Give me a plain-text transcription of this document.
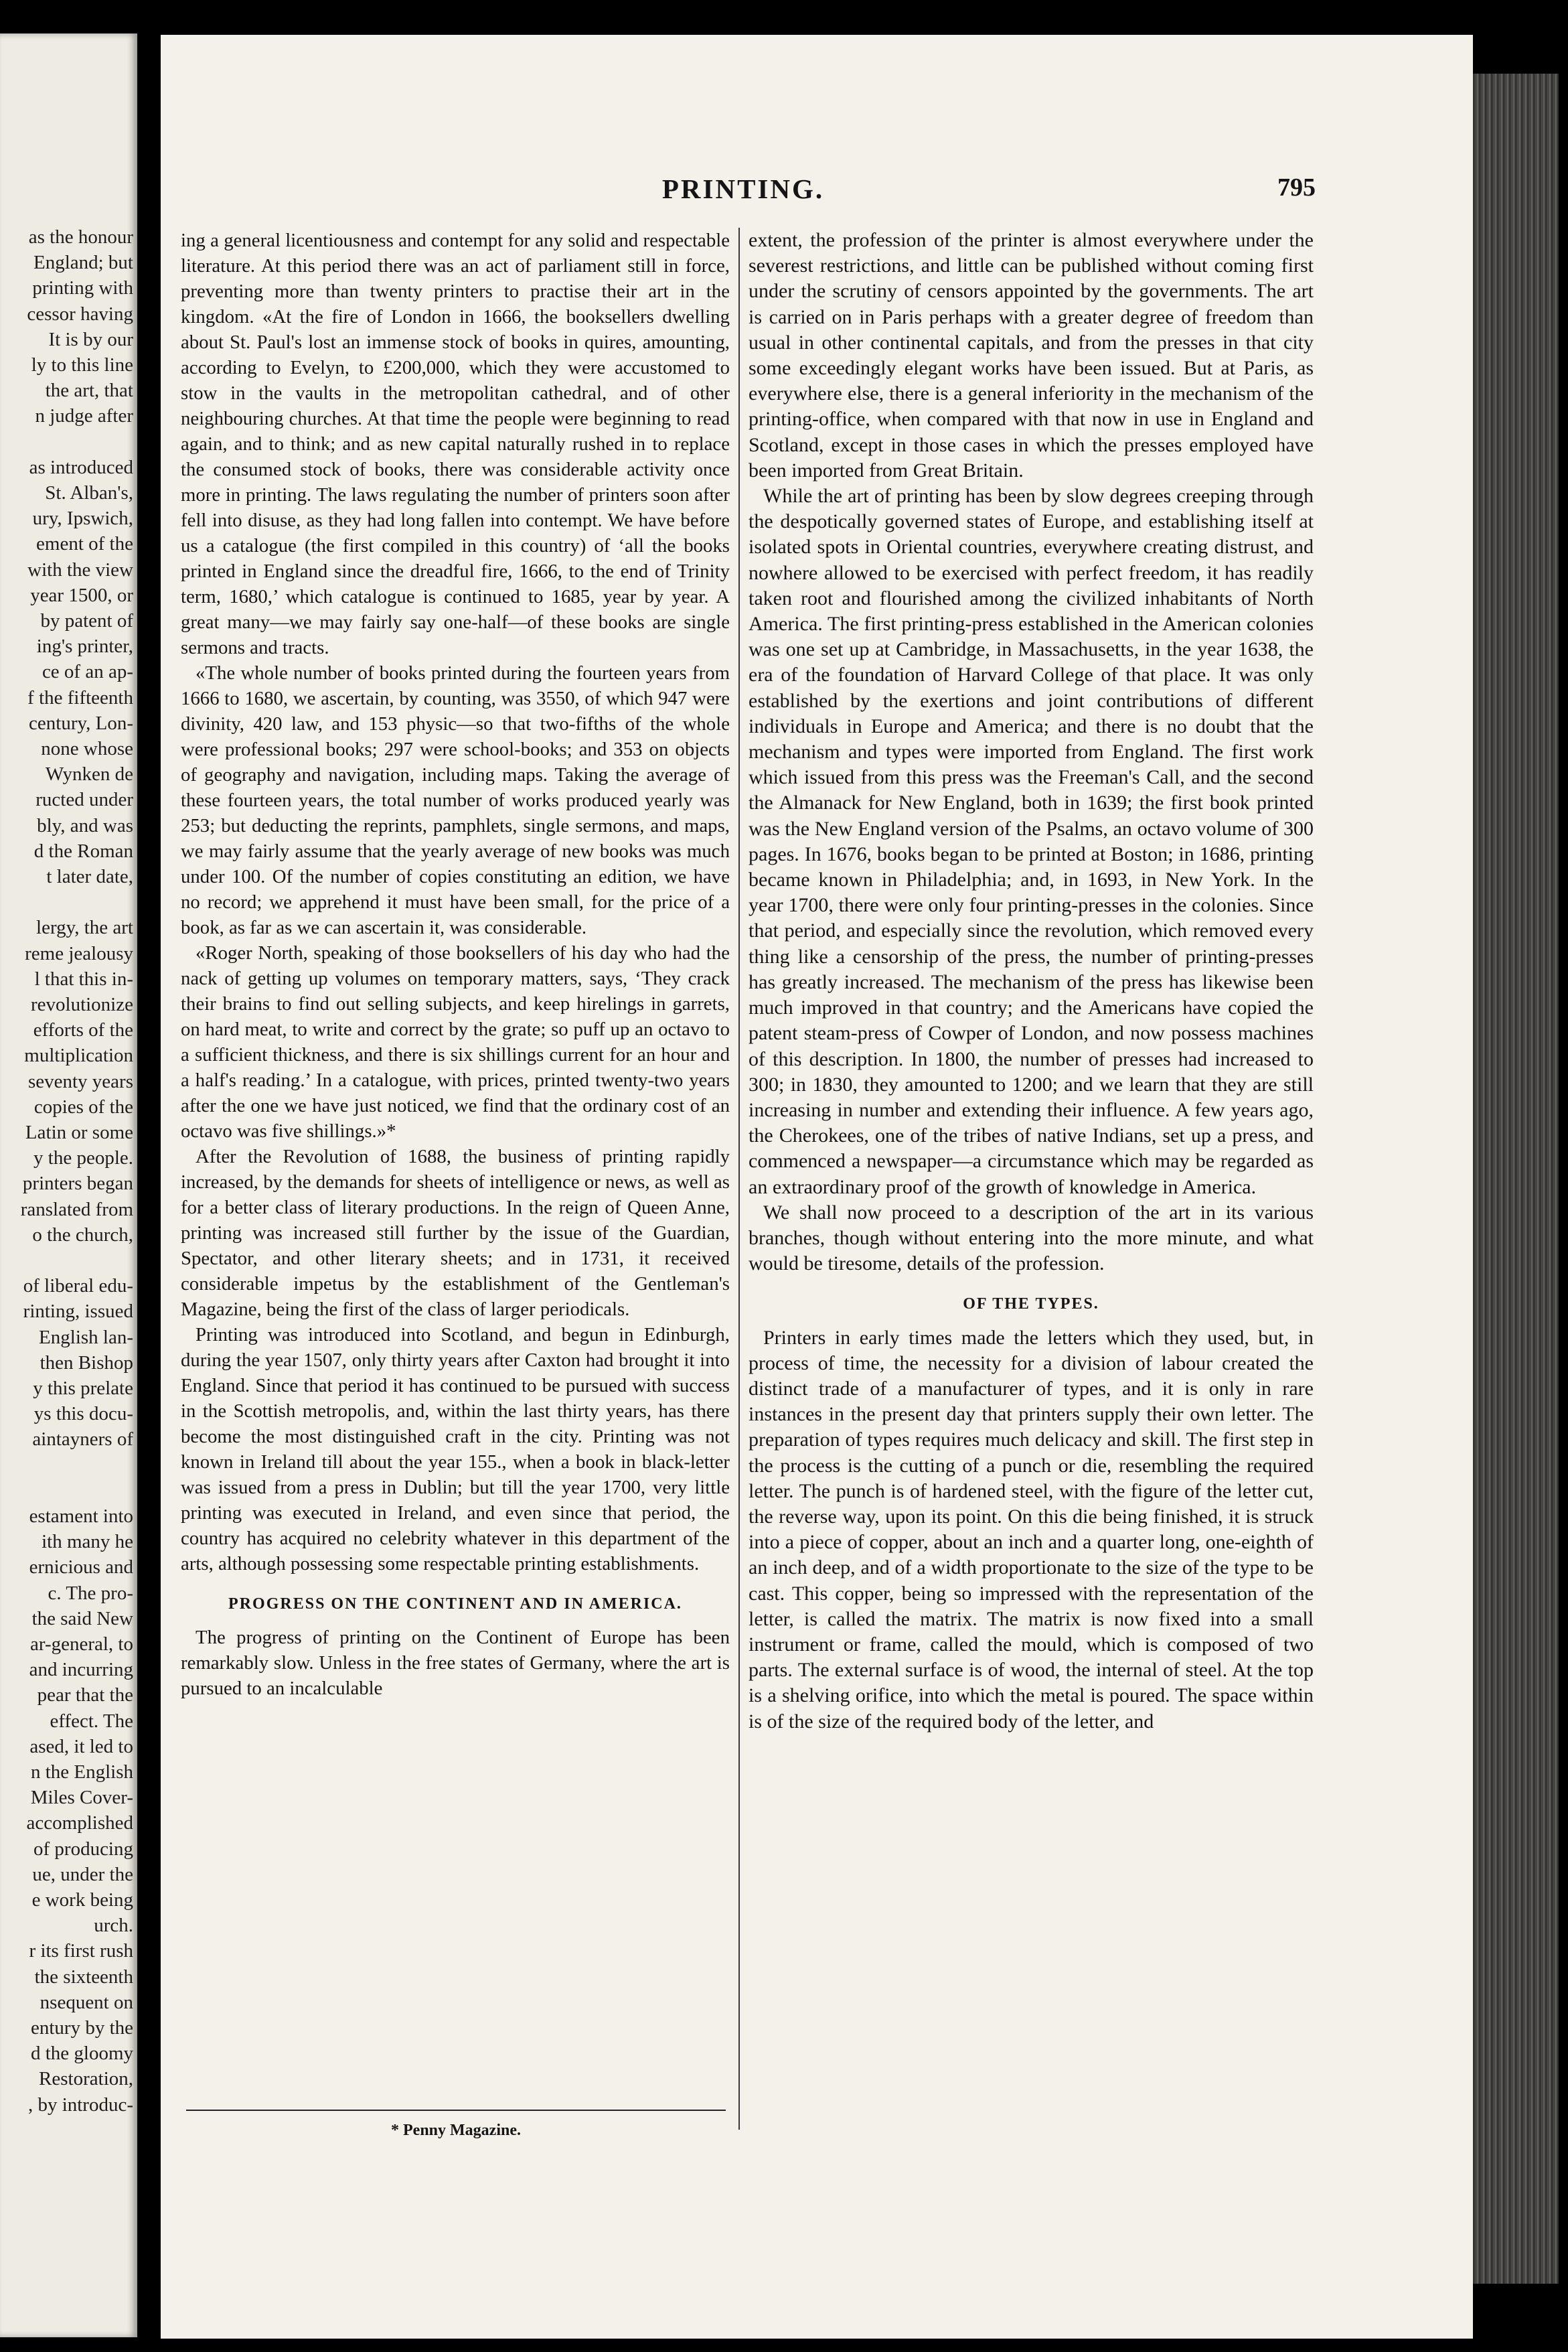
as the honour
England; but
printing with
cessor having
It is by our
ly to this line
the art, that
n judge after
as introduced
St. Alban's,
ury, Ipswich,
ement of the
with the view
year 1500, or
by patent of
ing's printer,
ce of an ap-
f the fifteenth
century, Lon-
none whose
Wynken de
ructed under
bly, and was
d the Roman
t later date,
lergy, the art
reme jealousy
l that this in-
revolutionize
efforts of the
multiplication
seventy years
copies of the
Latin or some
y the people.
printers began
ranslated from
o the church,
of liberal edu-
rinting, issued
English lan-
then Bishop
y this prelate
ys this docu-
aintayners of
estament into
ith many he
ernicious and
c. The pro-
the said New
ar-general, to
and incurring
pear that the
effect. The
ased, it led to
n the English
Miles Cover-
accomplished
of producing
ue, under the
e work being
urch.
r its first rush
the sixteenth
nsequent on
entury by the
d the gloomy
Restoration,
, by introduc-
PRINTING.	795

ing a general licentiousness and contempt for any solid and respectable literature. At this period there was an act of parliament still in force, preventing more than twenty printers to practise their art in the kingdom. «At the fire of London in 1666, the booksellers dwelling about St. Paul's lost an immense stock of books in quires, amounting, according to Evelyn, to £200,000, which they were accustomed to stow in the vaults in the metropolitan cathedral, and of other neighbouring churches. At that time the people were beginning to read again, and to think; and as new capital naturally rushed in to replace the consumed stock of books, there was considerable activity once more in printing. The laws regulating the number of printers soon after fell into disuse, as they had long fallen into contempt. We have before us a catalogue (the first compiled in this country) of ‘all the books printed in England since the dreadful fire, 1666, to the end of Trinity term, 1680,’ which catalogue is continued to 1685, year by year. A great many—we may fairly say one-half—of these books are single sermons and tracts.

«The whole number of books printed during the fourteen years from 1666 to 1680, we ascertain, by counting, was 3550, of which 947 were divinity, 420 law, and 153 physic—so that two-fifths of the whole were professional books; 297 were school-books; and 353 on objects of geography and navigation, including maps. Taking the average of these fourteen years, the total number of works produced yearly was 253; but deducting the reprints, pamphlets, single sermons, and maps, we may fairly assume that the yearly average of new books was much under 100. Of the number of copies constituting an edition, we have no record; we apprehend it must have been small, for the price of a book, as far as we can ascertain it, was considerable.

«Roger North, speaking of those booksellers of his day who had the nack of getting up volumes on temporary matters, says, ‘They crack their brains to find out selling subjects, and keep hirelings in garrets, on hard meat, to write and correct by the grate; so puff up an octavo to a sufficient thickness, and there is six shillings current for an hour and a half's reading.’ In a catalogue, with prices, printed twenty-two years after the one we have just noticed, we find that the ordinary cost of an octavo was five shillings.»*

After the Revolution of 1688, the business of printing rapidly increased, by the demands for sheets of intelligence or news, as well as for a better class of literary productions. In the reign of Queen Anne, printing was increased still further by the issue of the Guardian, Spectator, and other literary sheets; and in 1731, it received considerable impetus by the establishment of the Gentleman's Magazine, being the first of the class of larger periodicals.

Printing was introduced into Scotland, and begun in Edinburgh, during the year 1507, only thirty years after Caxton had brought it into England. Since that period it has continued to be pursued with success in the Scottish metropolis, and, within the last thirty years, has there become the most distinguished craft in the city. Printing was not known in Ireland till about the year 155., when a book in black-letter was issued from a press in Dublin; but till the year 1700, very little printing was executed in Ireland, and even since that period, the country has acquired no celebrity whatever in this department of the arts, although possessing some respectable printing establishments.

PROGRESS ON THE CONTINENT AND IN AMERICA.

The progress of printing on the Continent of Europe has been remarkably slow. Unless in the free states of Germany, where the art is pursued to an incalculable

extent, the profession of the printer is almost everywhere under the severest restrictions, and little can be published without coming first under the scrutiny of censors appointed by the governments. The art is carried on in Paris perhaps with a greater degree of freedom than usual in other continental capitals, and from the presses in that city some exceedingly elegant works have been issued. But at Paris, as everywhere else, there is a general inferiority in the mechanism of the printing-office, when compared with that now in use in England and Scotland, except in those cases in which the presses employed have been imported from Great Britain.

While the art of printing has been by slow degrees creeping through the despotically governed states of Europe, and establishing itself at isolated spots in Oriental countries, everywhere creating distrust, and nowhere allowed to be exercised with perfect freedom, it has readily taken root and flourished among the civilized inhabitants of North America. The first printing-press established in the American colonies was one set up at Cambridge, in Massachusetts, in the year 1638, the era of the foundation of Harvard College of that place. It was only established by the exertions and joint contributions of different individuals in Europe and America; and there is no doubt that the mechanism and types were imported from England. The first work which issued from this press was the Freeman's Call, and the second the Almanack for New England, both in 1639; the first book printed was the New England version of the Psalms, an octavo volume of 300 pages. In 1676, books began to be printed at Boston; in 1686, printing became known in Philadelphia; and, in 1693, in New York. In the year 1700, there were only four printing-presses in the colonies. Since that period, and especially since the revolution, which removed every thing like a censorship of the press, the number of printing-presses has greatly increased. The mechanism of the press has likewise been much improved in that country; and the Americans have copied the patent steam-press of Cowper of London, and now possess machines of this description. In 1800, the number of presses had increased to 300; in 1830, they amounted to 1200; and we learn that they are still increasing in number and extending their influence. A few years ago, the Cherokees, one of the tribes of native Indians, set up a press, and commenced a newspaper—a circumstance which may be regarded as an extraordinary proof of the growth of knowledge in America.

We shall now proceed to a description of the art in its various branches, though without entering into the more minute, and what would be tiresome, details of the profession.

OF THE TYPES.

Printers in early times made the letters which they used, but, in process of time, the necessity for a division of labour created the distinct trade of a manufacturer of types, and it is only in rare instances in the present day that printers supply their own letter. The preparation of types requires much delicacy and skill. The first step in the process is the cutting of a punch or die, resembling the required letter. The punch is of hardened steel, with the figure of the letter cut, the reverse way, upon its point. On this die being finished, it is struck into a piece of copper, about an inch and a quarter long, one-eighth of an inch deep, and of a width proportionate to the size of the type to be cast. This copper, being so impressed with the representation of the letter, is called the matrix. The matrix is now fixed into a small instrument or frame, called the mould, which is composed of two parts. The external surface is of wood, the internal of steel. At the top is a shelving orifice, into which the metal is poured. The space within is of the size of the required body of the letter, and

* Penny Magazine.
